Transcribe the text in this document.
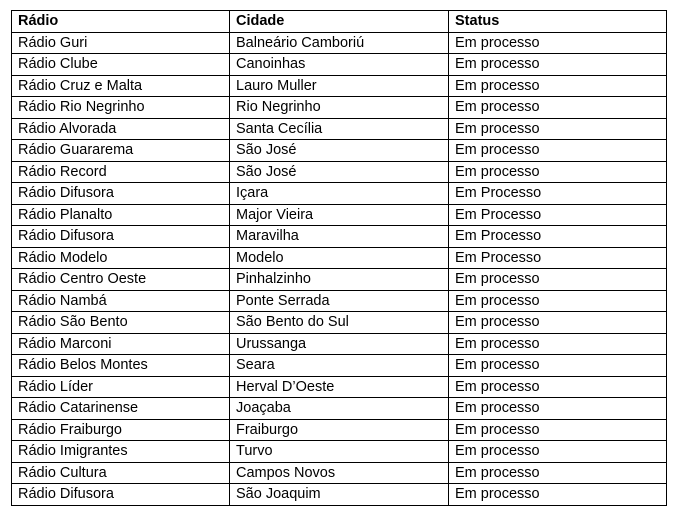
Rádio	Cidade	Status
Rádio Guri	Balneário Camboriú	Em processo
Rádio Clube	Canoinhas	Em processo
Rádio Cruz e Malta	Lauro Muller	Em processo
Rádio Rio Negrinho	Rio Negrinho	Em processo
Rádio Alvorada	Santa Cecília	Em processo
Rádio Guararema	São José	Em processo
Rádio Record	São José	Em processo
Rádio Difusora	Içara	Em Processo
Rádio Planalto	Major Vieira	Em Processo
Rádio Difusora	Maravilha	Em Processo
Rádio Modelo	Modelo	Em Processo
Rádio Centro Oeste	Pinhalzinho	Em processo
Rádio Nambá	Ponte Serrada	Em processo
Rádio São Bento	São Bento do Sul	Em processo
Rádio Marconi	Urussanga	Em processo
Rádio Belos Montes	Seara	Em processo
Rádio Líder	Herval D’Oeste	Em processo
Rádio Catarinense	Joaçaba	Em processo
Rádio Fraiburgo	Fraiburgo	Em processo
Rádio Imigrantes	Turvo	Em processo
Rádio Cultura	Campos Novos	Em processo
Rádio Difusora	São Joaquim	Em processo
